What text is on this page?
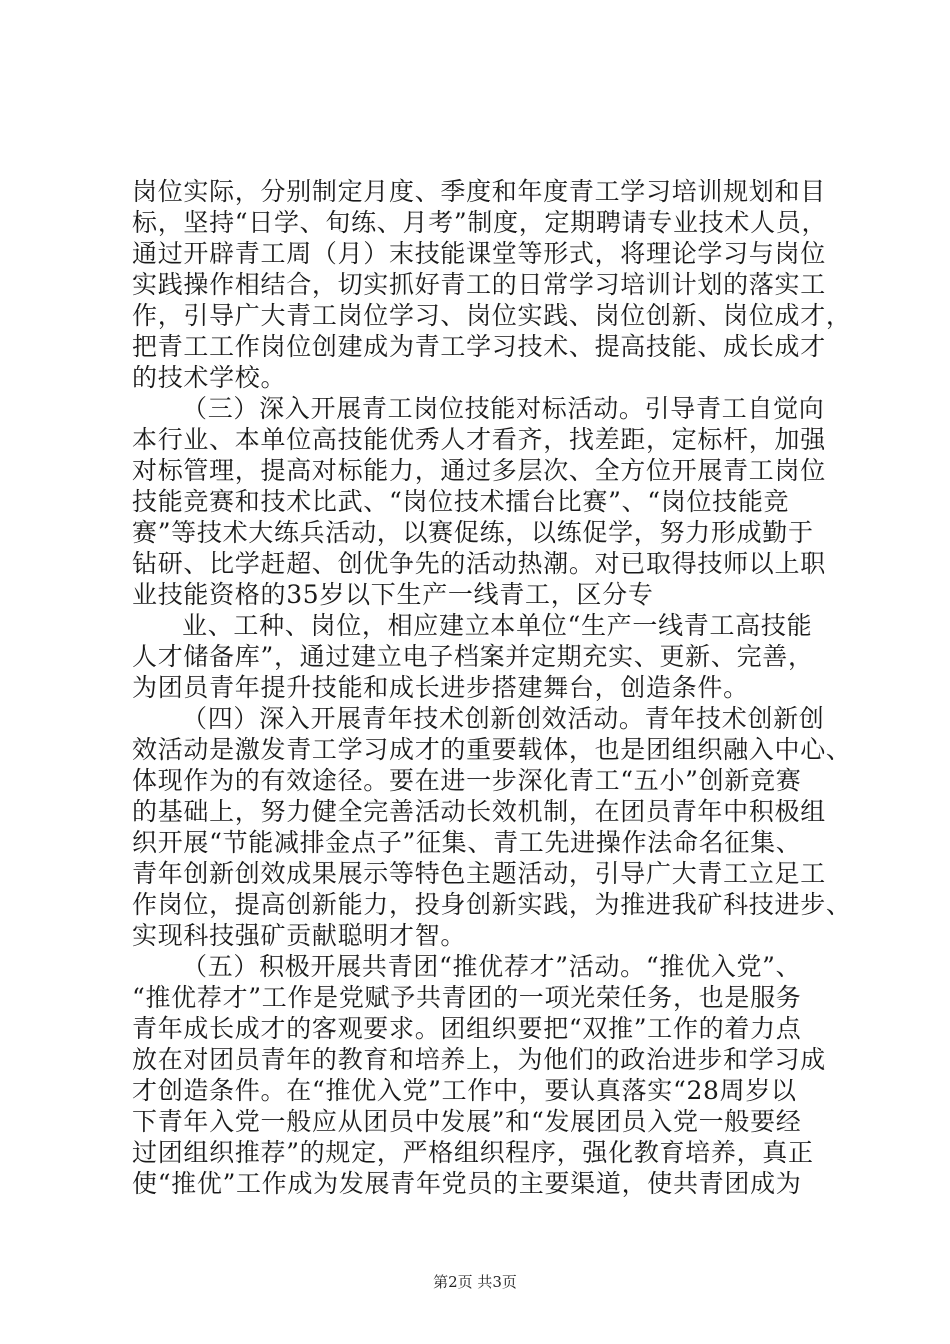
岗位实际，分别制定月度、季度和年度青工学习培训规划和目
标，坚持“日学、旬练、月考”制度，定期聘请专业技术人员，
通过开辟青工周（月）末技能课堂等形式，将理论学习与岗位
实践操作相结合，切实抓好青工的日常学习培训计划的落实工
作，引导广大青工岗位学习、岗位实践、岗位创新、岗位成才，
把青工工作岗位创建成为青工学习技术、提高技能、成长成才
的技术学校。
（三）深入开展青工岗位技能对标活动。引导青工自觉向
本行业、本单位高技能优秀人才看齐，找差距，定标杆，加强
对标管理，提高对标能力，通过多层次、全方位开展青工岗位
技能竞赛和技术比武、“岗位技术擂台比赛”、“岗位技能竞
赛”等技术大练兵活动，以赛促练，以练促学，努力形成勤于
钻研、比学赶超、创优争先的活动热潮。对已取得技师以上职
业技能资格的35岁以下生产一线青工，区分专
业、工种、岗位，相应建立本单位“生产一线青工高技能
人才储备库”，通过建立电子档案并定期充实、更新、完善，
为团员青年提升技能和成长进步搭建舞台，创造条件。
（四）深入开展青年技术创新创效活动。青年技术创新创
效活动是激发青工学习成才的重要载体，也是团组织融入中心、
体现作为的有效途径。要在进一步深化青工“五小”创新竞赛
的基础上，努力健全完善活动长效机制，在团员青年中积极组
织开展“节能减排金点子”征集、青工先进操作法命名征集、
青年创新创效成果展示等特色主题活动，引导广大青工立足工
作岗位，提高创新能力，投身创新实践，为推进我矿科技进步、
实现科技强矿贡献聪明才智。
（五）积极开展共青团“推优荐才”活动。“推优入党”、
“推优荐才”工作是党赋予共青团的一项光荣任务，也是服务
青年成长成才的客观要求。团组织要把“双推”工作的着力点
放在对团员青年的教育和培养上，为他们的政治进步和学习成
才创造条件。在“推优入党”工作中，要认真落实“28周岁以
下青年入党一般应从团员中发展”和“发展团员入党一般要经
过团组织推荐”的规定，严格组织程序，强化教育培养，真正
使“推优”工作成为发展青年党员的主要渠道，使共青团成为
第2页 共3页
